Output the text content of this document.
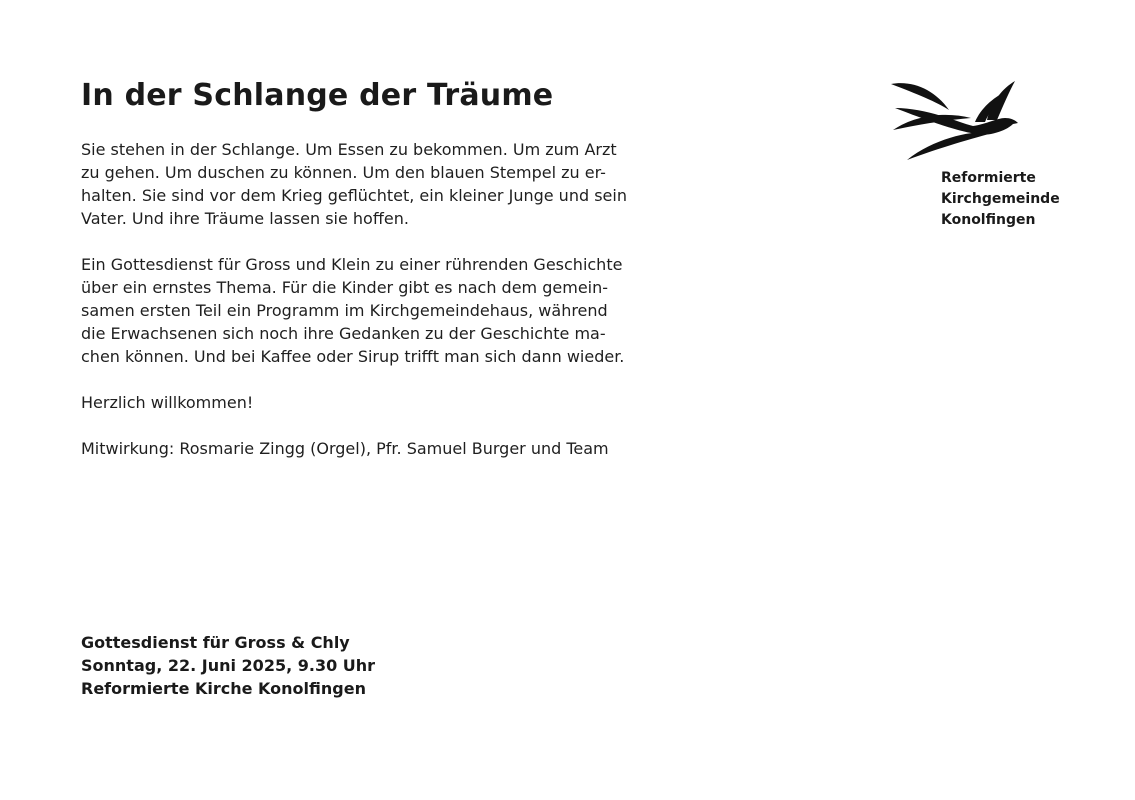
In der Schlange der Träume

Sie stehen in der Schlange. Um Essen zu bekommen. Um zum Arzt
zu gehen. Um duschen zu können. Um den blauen Stempel zu er-
halten. Sie sind vor dem Krieg geflüchtet, ein kleiner Junge und sein
Vater. Und ihre Träume lassen sie hoffen.

Ein Gottesdienst für Gross und Klein zu einer rührenden Geschichte
über ein ernstes Thema. Für die Kinder gibt es nach dem gemein-
samen ersten Teil ein Programm im Kirchgemeindehaus, während
die Erwachsenen sich noch ihre Gedanken zu der Geschichte ma-
chen können. Und bei Kaffee oder Sirup trifft man sich dann wieder.

Herzlich willkommen!

Mitwirkung: Rosmarie Zingg (Orgel), Pfr. Samuel Burger und Team

Gottesdienst für Gross & Chly
Sonntag, 22. Juni 2025, 9.30 Uhr
Reformierte Kirche Konolfingen
Reformierte
Kirchgemeinde
Konolfingen
